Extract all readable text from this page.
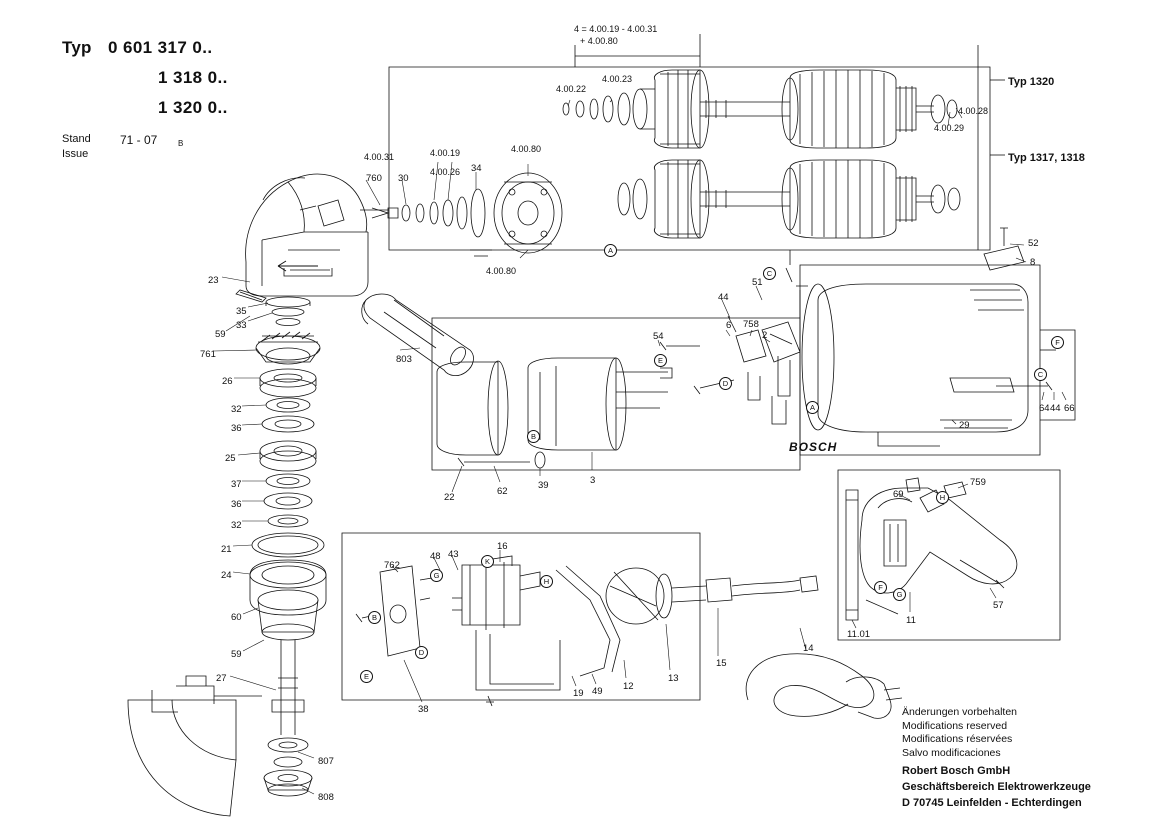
Typ 0 601 317 0..
1 318 0..
1 320 0..
Stand
Issue
71 - 07	B
4 = 4.00.19 - 4.00.31
+ 4.00.80
Typ 1320
Typ 1317, 1318
4.00.22
4.00.23
4.00.28
4.00.29
4.00.31	4.00.19
4.00.26
4.00.80
4.00.80
BOSCH
760 30
34
23
35
33
59
761
26
32
36
25
37
36
32
21
24
60
59
27
807
808
803
22
62
39	3
54
6 758
2
44
51
52
8
29
64 44 66
69
759
11
11.01
57
762
48 43
16
38
19 49 12
13
15
14
A
C
E
D
B
A
F
C
B
D
E
G
K
H
F
G
H
Änderungen vorbehalten
Modifications reserved
Modifications réservées
Salvo modificaciones
Robert Bosch GmbH
Geschäftsbereich Elektrowerkzeuge
D 70745 Leinfelden - Echterdingen
